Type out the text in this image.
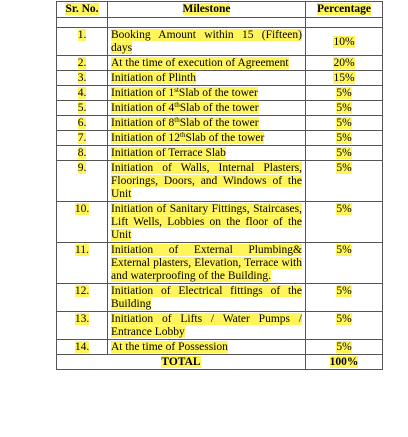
Sr. No.	Milestone	Percentage

1.	Booking Amount within 15 (Fifteen) days	10%
2.	At the time of execution of Agreement	20%
3.	Initiation of Plinth	15%
4.	Initiation of 1stSlab of the tower	5%
5.	Initiation of 4thSlab of the tower	5%
6.	Initiation of 8thSlab of the tower	5%
7.	Initiation of 12thSlab of the tower	5%
8.	Initiation of Terrace Slab	5%
9.	Initiation of Walls, Internal Plasters, Floorings, Doors, and Windows of the Unit	5%
10.	Initiation of Sanitary Fittings, Staircases, Lift Wells, Lobbies on the floor of the Unit	5%
11.	Initiation of External Plumbing& External plasters, Elevation, Terrace with and waterproofing of the Building.	5%
12.	Initiation of Electrical fittings of the Building	5%
13.	Initiation of Lifts / Water Pumps / Entrance Lobby	5%
14.	At the time of Possession	5%
TOTAL		100%
